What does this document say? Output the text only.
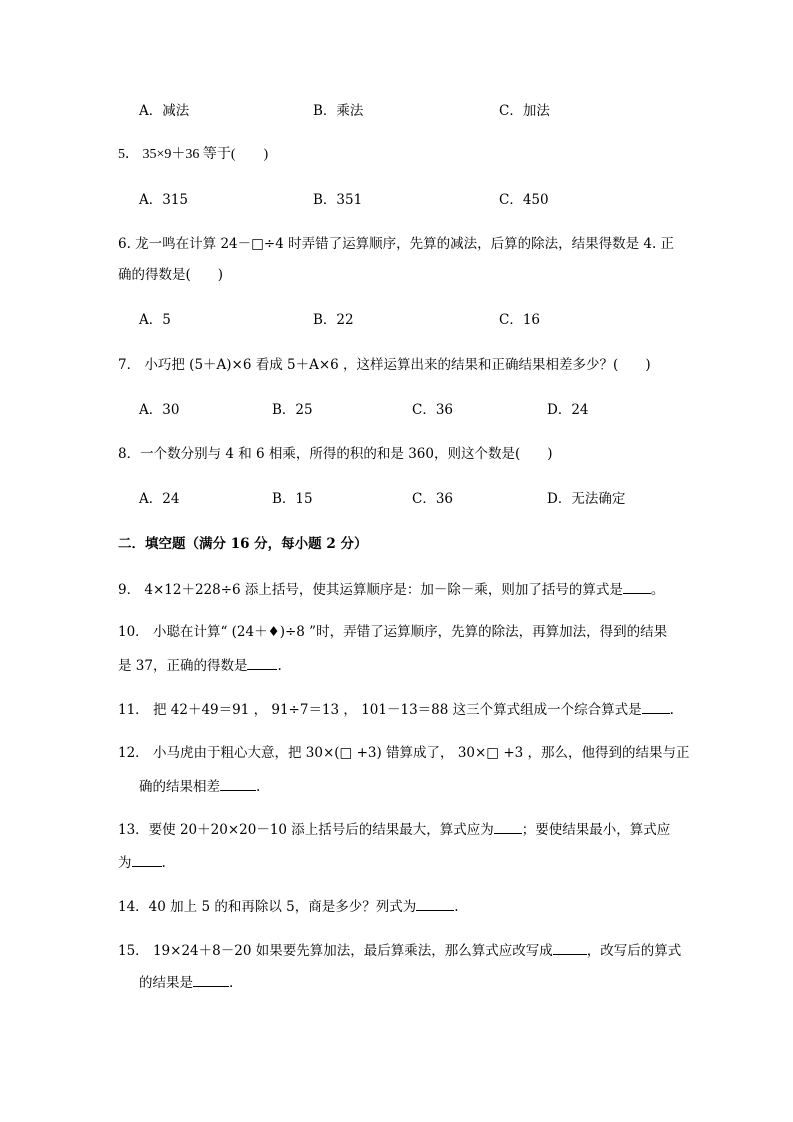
A．减法	B．乘法	C．加法
5． 35×9＋36 等于(　　)
A．315	B．351	C．450
6. 龙一鸣在计算 24－□÷4 时弄错了运算顺序，先算的减法，后算的除法，结果得数是 4. 正
确的得数是(　　)
A．5	B．22	C．16
7． 小巧把 (5＋A)×6 看成 5＋A×6 ，这样运算出来的结果和正确结果相差多少？(　　)
A．30	B．25	C．36	D．24
8．一个数分别与 4 和 6 相乘，所得的积的和是 360，则这个数是(　　)
A．24	B．15	C．36	D．无法确定
二．填空题（满分 16 分，每小题 2 分）
9． 4×12＋228÷6 添上括号，使其运算顺序是：加－除－乘，则加了括号的算式是 。
10． 小聪在计算“ (24＋♦)÷8 ”时，弄错了运算顺序，先算的除法，再算加法，得到的结果
是 37，正确的得数是 .
11． 把 42＋49＝91 ， 91÷7＝13 ， 101－13＝88 这三个算式组成一个综合算式是 .
12． 小马虎由于粗心大意，把 30×(□ +3) 错算成了， 30×□ +3 ，那么，他得到的结果与正
确的结果相差	.
13．要使 20＋20×20－10 添上括号后的结果最大，算式应为 ；要使结果最小，算式应
为 .
14．40 加上 5 的和再除以 5，商是多少？列式为	.
15． 19×24＋8－20 如果要先算加法，最后算乘法，那么算式应改写成	，改写后的算式
的结果是	.
